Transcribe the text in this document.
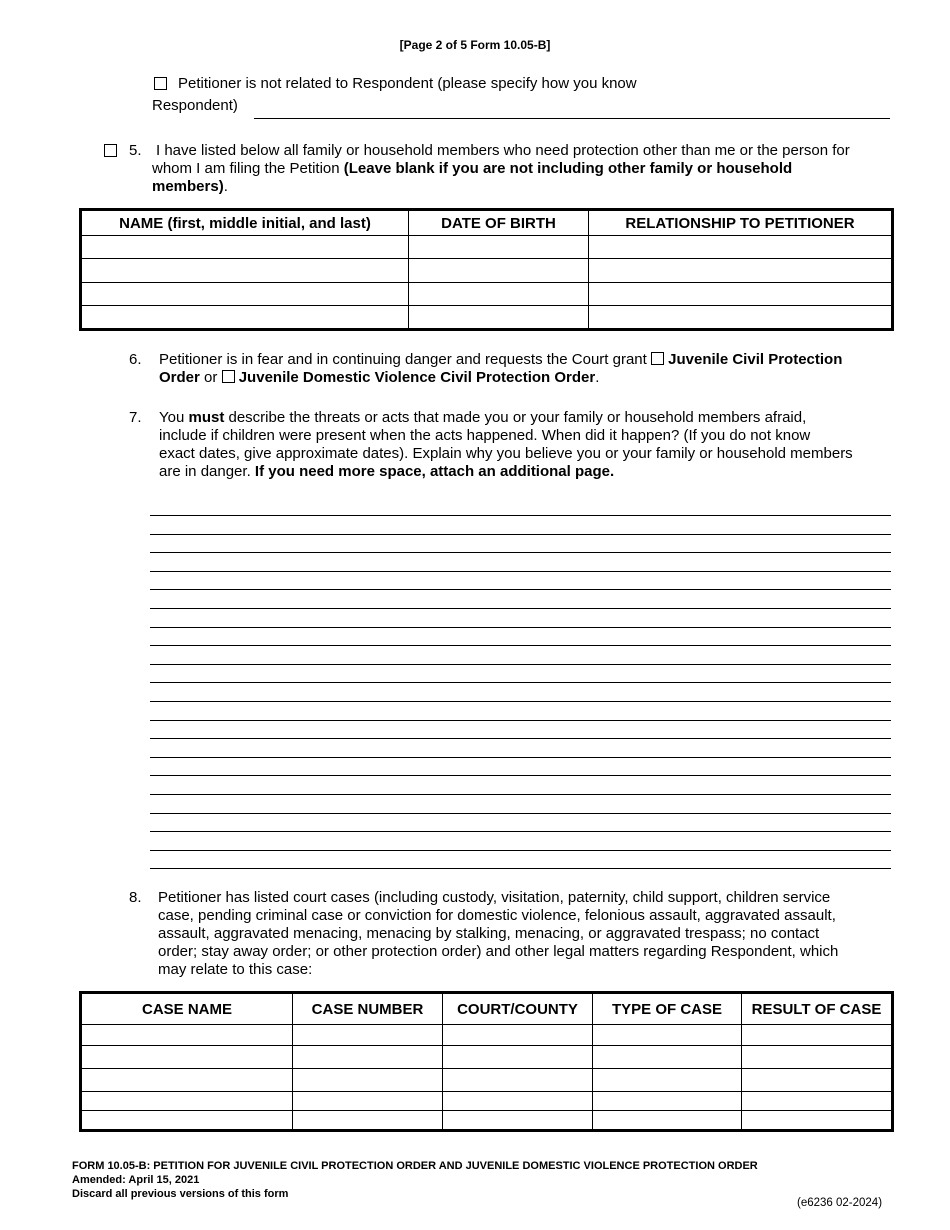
[Page 2 of 5 Form 10.05-B]
Petitioner is not related to Respondent (please specify how you know
Respondent)
5. I have listed below all family or household members who need protection other than me or the person for
whom I am filing the Petition (Leave blank if you are not including other family or household
members).
NAME (first, middle initial, and last)	DATE OF BIRTH	RELATIONSHIP TO PETITIONER

6. Petitioner is in fear and in continuing danger and requests the Court grant  Juvenile Civil Protection
Order or  Juvenile Domestic Violence Civil Protection Order.
7. You must describe the threats or acts that made you or your family or household members afraid,
include if children were present when the acts happened. When did it happen? (If you do not know
exact dates, give approximate dates). Explain why you believe you or your family or household members
are in danger. If you need more space, attach an additional page.
8. Petitioner has listed court cases (including custody, visitation, paternity, child support, children service
case, pending criminal case or conviction for domestic violence, felonious assault, aggravated assault,
assault, aggravated menacing, menacing by stalking, menacing, or aggravated trespass; no contact
order; stay away order; or other protection order) and other legal matters regarding Respondent, which
may relate to this case:
CASE NAME	CASE NUMBER	COURT/COUNTY	TYPE OF CASE	RESULT OF CASE

FORM 10.05-B: PETITION FOR JUVENILE CIVIL PROTECTION ORDER AND JUVENILE DOMESTIC VIOLENCE PROTECTION ORDER
Amended: April 15, 2021
Discard all previous versions of this form
(e6236 02-2024)
